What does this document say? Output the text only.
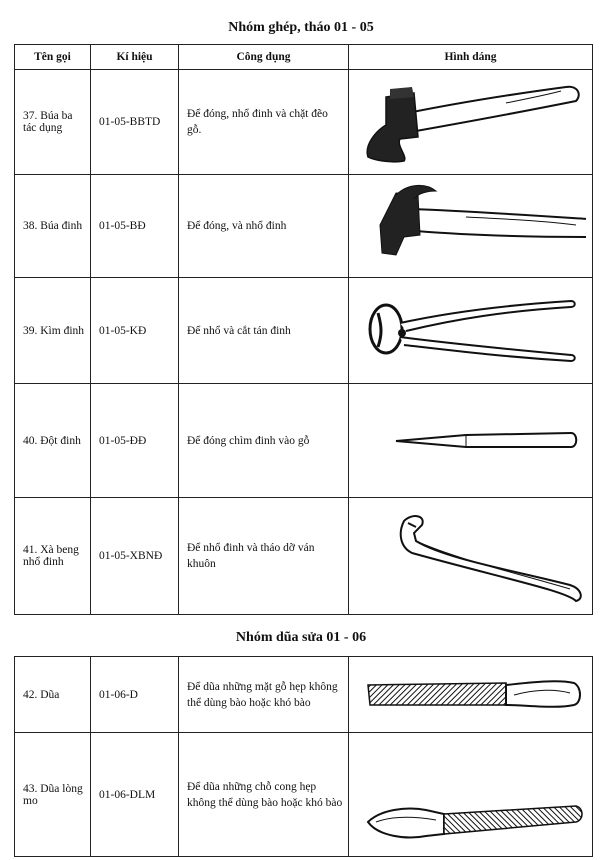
Nhóm ghép, tháo 01 - 05
Tên gọi	Kí hiệu	Công dụng	Hình dáng
37. Búa ba tác dụng	01-05-BBTD	Để đóng, nhổ đinh và chặt đẽo gỗ.	

38. Búa đinh	01-05-BĐ	Để đóng, và nhổ đinh	

39. Kìm đinh	01-05-KĐ	Để nhổ và cắt tán đinh	

40. Đột đinh	01-05-ĐĐ	Để đóng chìm đinh vào gỗ	

41. Xà beng nhổ đinh	01-05-XBNĐ	Để nhổ đinh và tháo dỡ ván khuôn	
Nhóm dũa sửa 01 - 06
42. Dũa	01-06-D	Để dũa những mặt gỗ hẹp không thể dùng bào hoặc khó bào	

43. Dũa lòng mo	01-06-DLM	Để dũa những chỗ cong hẹp không thể dùng bào hoặc khó bào	
